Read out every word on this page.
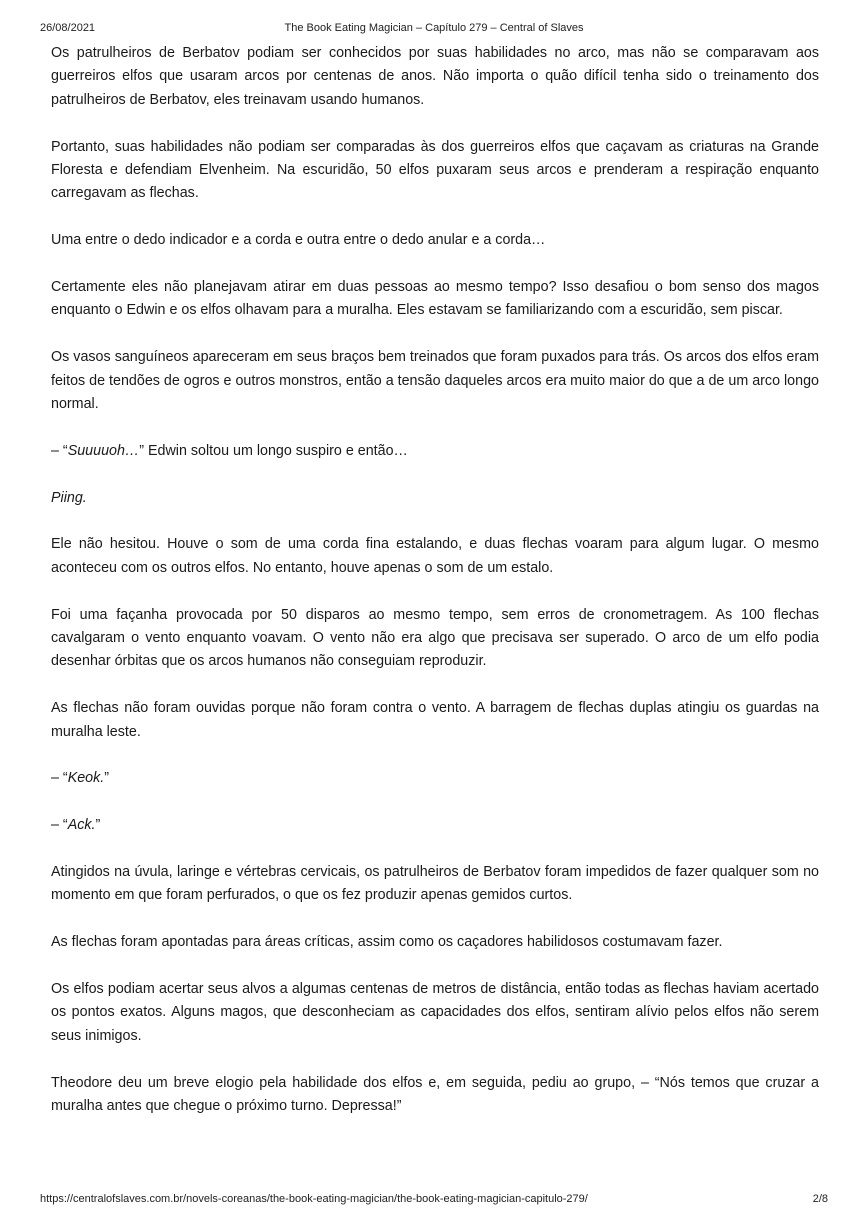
26/08/2021	The Book Eating Magician – Capítulo 279 – Central of Slaves

Os patrulheiros de Berbatov podiam ser conhecidos por suas habilidades no arco, mas não se comparavam aos guerreiros elfos que usaram arcos por centenas de anos. Não importa o quão difícil tenha sido o treinamento dos patrulheiros de Berbatov, eles treinavam usando humanos.

Portanto, suas habilidades não podiam ser comparadas às dos guerreiros elfos que caçavam as criaturas na Grande Floresta e defendiam Elvenheim. Na escuridão, 50 elfos puxaram seus arcos e prenderam a respiração enquanto carregavam as flechas.

Uma entre o dedo indicador e a corda e outra entre o dedo anular e a corda…

Certamente eles não planejavam atirar em duas pessoas ao mesmo tempo? Isso desafiou o bom senso dos magos enquanto o Edwin e os elfos olhavam para a muralha. Eles estavam se familiarizando com a escuridão, sem piscar.

Os vasos sanguíneos apareceram em seus braços bem treinados que foram puxados para trás. Os arcos dos elfos eram feitos de tendões de ogros e outros monstros, então a tensão daqueles arcos era muito maior do que a de um arco longo normal.

– “Suuuuoh…” Edwin soltou um longo suspiro e então…

Piing.

Ele não hesitou. Houve o som de uma corda fina estalando, e duas flechas voaram para algum lugar. O mesmo aconteceu com os outros elfos. No entanto, houve apenas o som de um estalo.

Foi uma façanha provocada por 50 disparos ao mesmo tempo, sem erros de cronometragem. As 100 flechas cavalgaram o vento enquanto voavam. O vento não era algo que precisava ser superado. O arco de um elfo podia desenhar órbitas que os arcos humanos não conseguiam reproduzir.

As flechas não foram ouvidas porque não foram contra o vento. A barragem de flechas duplas atingiu os guardas na muralha leste.

– “Keok.”

– “Ack.”

Atingidos na úvula, laringe e vértebras cervicais, os patrulheiros de Berbatov foram impedidos de fazer qualquer som no momento em que foram perfurados, o que os fez produzir apenas gemidos curtos.

As flechas foram apontadas para áreas críticas, assim como os caçadores habilidosos costumavam fazer.

Os elfos podiam acertar seus alvos a algumas centenas de metros de distância, então todas as flechas haviam acertado os pontos exatos. Alguns magos, que desconheciam as capacidades dos elfos, sentiram alívio pelos elfos não serem seus inimigos.

Theodore deu um breve elogio pela habilidade dos elfos e, em seguida, pediu ao grupo, – “Nós temos que cruzar a muralha antes que chegue o próximo turno. Depressa!”

https://centralofslaves.com.br/novels-coreanas/the-book-eating-magician/the-book-eating-magician-capitulo-279/	2/8
